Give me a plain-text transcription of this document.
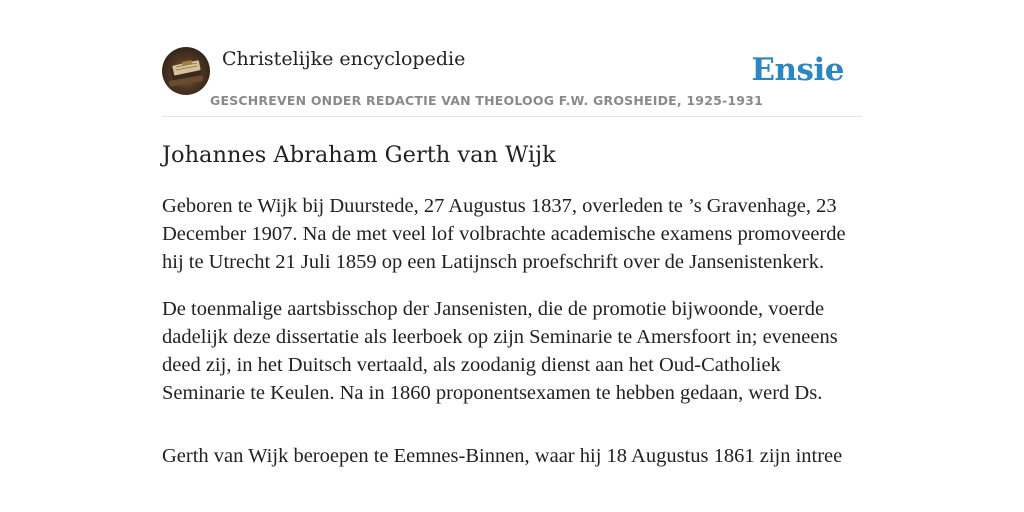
Christelijke encyclopedie
GESCHREVEN ONDER REDACTIE VAN THEOLOOG F.W. GROSHEIDE, 1925-1931
Ensie
Johannes Abraham Gerth van Wijk

Geboren te Wijk bij Duurstede, 27 Augustus 1837, overleden te ’s Gravenhage, 23 December 1907. Na de met veel lof volbrachte academische examens promoveerde hij te Utrecht 21 Juli 1859 op een Latijnsch proefschrift over de Jansenistenkerk.

De toenmalige aartsbisschop der Jansenisten, die de promotie bijwoonde, voerde dadelijk deze dissertatie als leerboek op zijn Seminarie te Amersfoort in; eveneens deed zij, in het Duitsch vertaald, als zoodanig dienst aan het Oud-Catholiek Seminarie te Keulen. Na in 1860 proponentsexamen te hebben gedaan, werd Ds.

Gerth van Wijk beroepen te Eemnes-Binnen, waar hij 18 Augustus 1861 zijn intree
